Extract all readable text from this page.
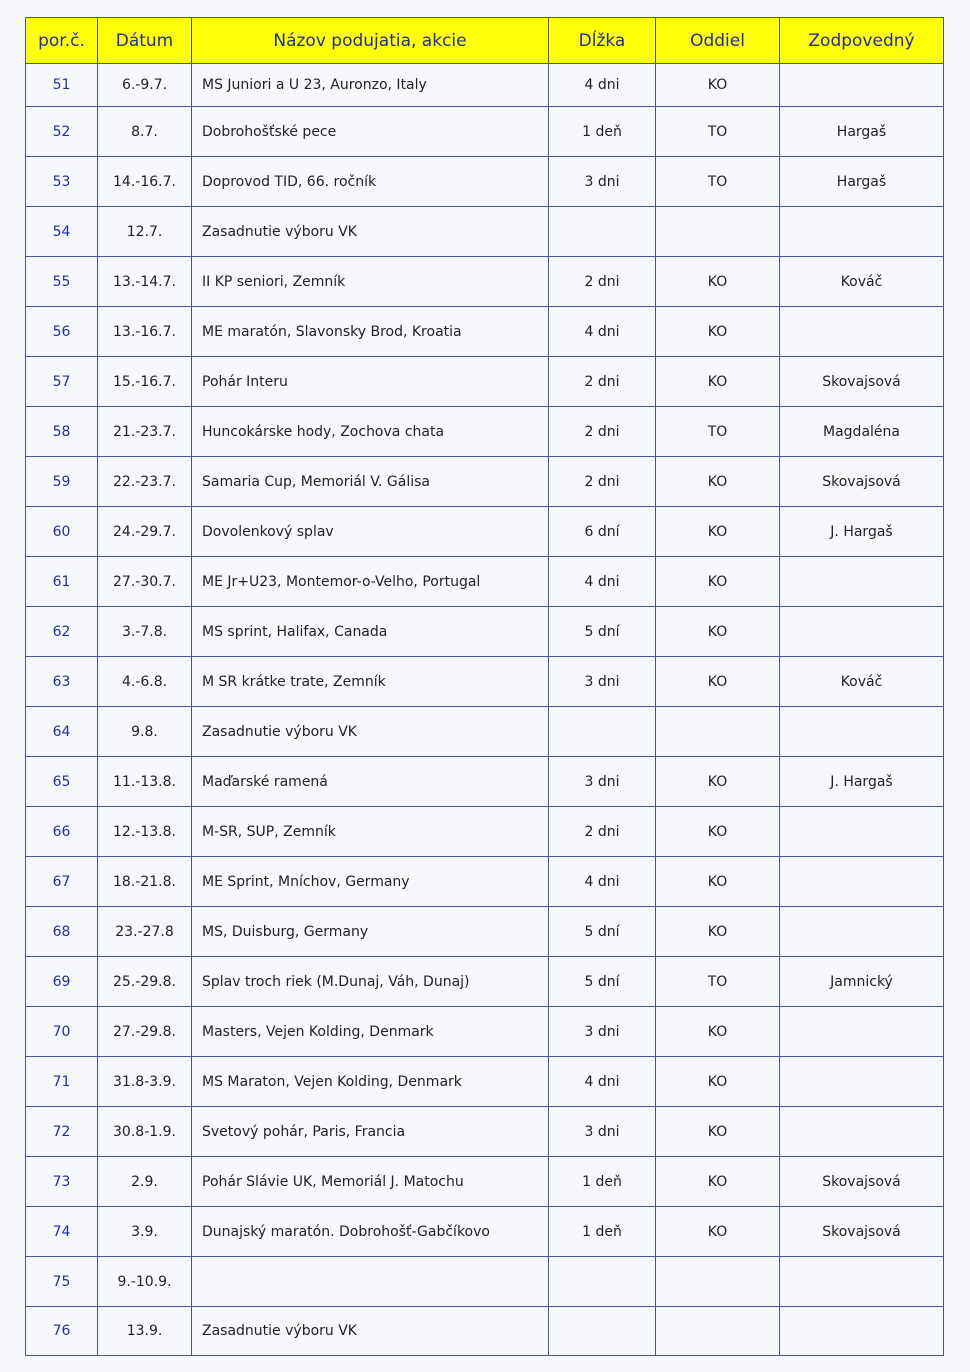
por.č.	Dátum	Názov podujatia, akcie	Dĺžka	Oddiel	Zodpovedný
51	6.-9.7.	MS Juniori a U 23, Auronzo, Italy	4 dni	KO	
52	8.7.	Dobrohošťské pece	1 deň	TO	Hargaš
53	14.-16.7.	Doprovod TID, 66. ročník	3 dni	TO	Hargaš
54	12.7.	Zasadnutie výboru VK			
55	13.-14.7.	II KP seniori, Zemník	2 dni	KO	Kováč
56	13.-16.7.	ME maratón, Slavonsky Brod, Kroatia	4 dni	KO	
57	15.-16.7.	Pohár Interu	2 dni	KO	Skovajsová
58	21.-23.7.	Huncokárske hody, Zochova chata	2 dni	TO	Magdaléna
59	22.-23.7.	Samaria Cup, Memoriál V. Gálisa	2 dni	KO	Skovajsová
60	24.-29.7.	Dovolenkový splav	6 dní	KO	J. Hargaš
61	27.-30.7.	ME Jr+U23, Montemor-o-Velho, Portugal	4 dni	KO	
62	3.-7.8.	MS sprint, Halifax, Canada	5 dní	KO	
63	4.-6.8.	M SR krátke trate, Zemník	3 dni	KO	Kováč
64	9.8.	Zasadnutie výboru VK			
65	11.-13.8.	Maďarské ramená	3 dni	KO	J. Hargaš
66	12.-13.8.	M-SR, SUP, Zemník	2 dni	KO	
67	18.-21.8.	ME Sprint, Mníchov, Germany	4 dni	KO	
68	23.-27.8	MS, Duisburg, Germany	5 dní	KO	
69	25.-29.8.	Splav troch riek (M.Dunaj, Váh, Dunaj)	5 dní	TO	Jamnický
70	27.-29.8.	Masters, Vejen Kolding, Denmark	3 dni	KO	
71	31.8-3.9.	MS Maraton, Vejen Kolding, Denmark	4 dni	KO	
72	30.8-1.9.	Svetový pohár, Paris, Francia	3 dni	KO	
73	2.9.	Pohár Slávie UK, Memoriál J. Matochu	1 deň	KO	Skovajsová
74	3.9.	Dunajský maratón. Dobrohošť-Gabčíkovo	1 deň	KO	Skovajsová
75	9.-10.9.				
76	13.9.	Zasadnutie výboru VK			
